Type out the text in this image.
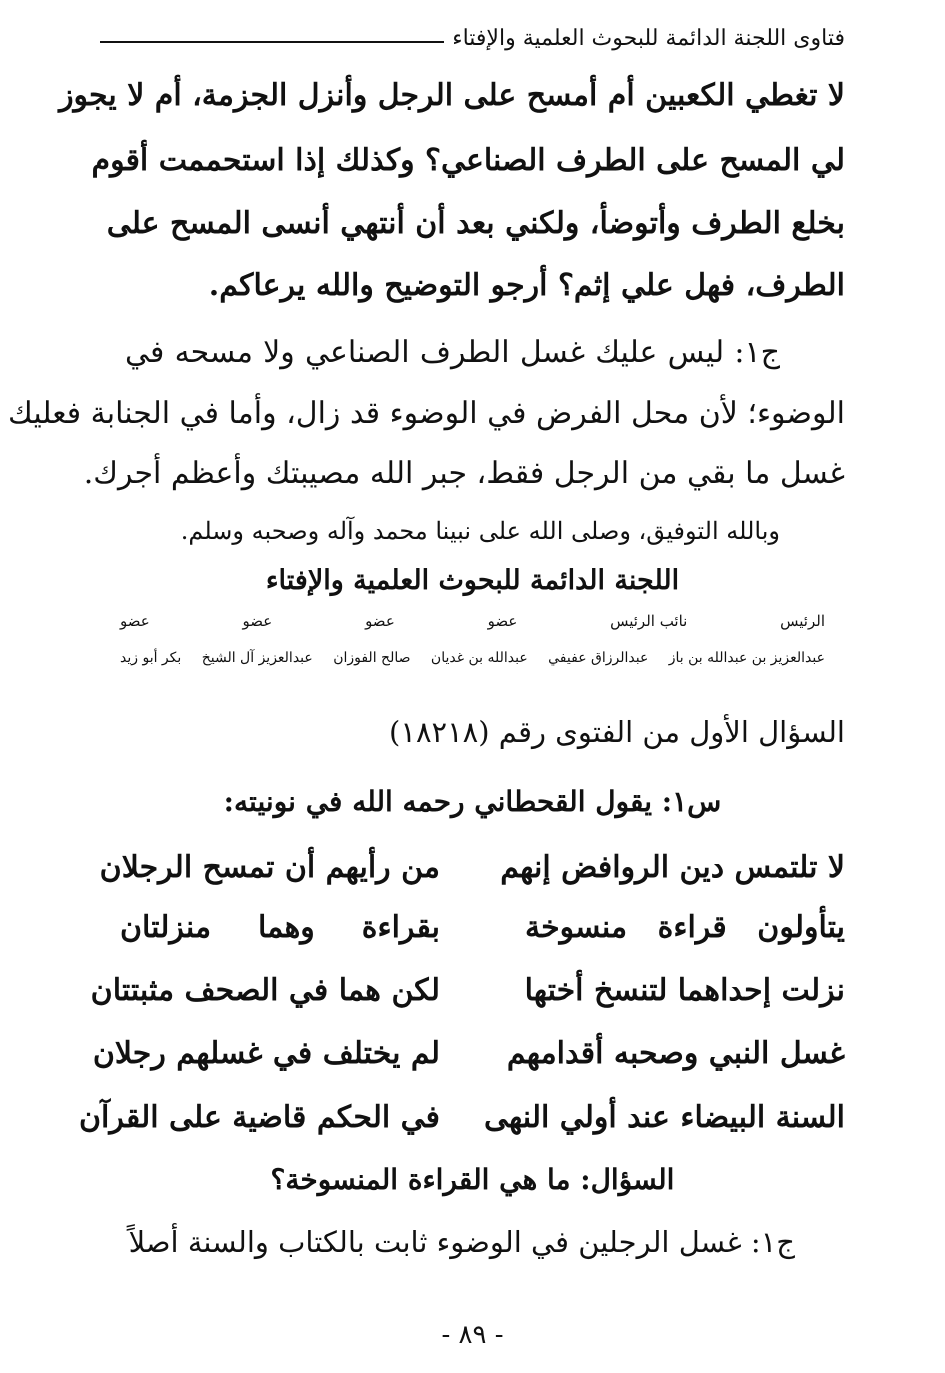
فتاوى اللجنة الدائمة للبحوث العلمية والإفتاء
لا تغطي الكعبين أم أمسح على الرجل وأنزل الجزمة، أم لا يجوز
لي المسح على الطرف الصناعي؟ وكذلك إذا استحممت أقوم
بخلع الطرف وأتوضأ، ولكني بعد أن أنتهي أنسى المسح على
الطرف، فهل علي إثم؟ أرجو التوضيح والله يرعاكم.
ج١: ليس عليك غسل الطرف الصناعي ولا مسحه في
الوضوء؛ لأن محل الفرض في الوضوء قد زال، وأما في الجنابة فعليك
غسل ما بقي من الرجل فقط، جبر الله مصيبتك وأعظم أجرك.
وبالله التوفيق، وصلى الله على نبينا محمد وآله وصحبه وسلم.
اللجنة الدائمة للبحوث العلمية والإفتاء
الرئيس
نائب الرئيس
عضو
عضو
عضو
عضو
عبدالعزيز بن عبدالله بن باز
عبدالرزاق عفيفي
عبدالله بن غديان
صالح الفوزان
عبدالعزيز آل الشيخ
بكر أبو زيد
السؤال الأول من الفتوى رقم (١٨٢١٨)
س١: يقول القحطاني رحمه الله في نونيته:
لا تلتمس دين الروافض إنهم
من رأيهم أن تمسح الرجلان
يتأولون قراءة منسوخة
بقراءة وهما منزلتان
نزلت إحداهما لتنسخ أختها
لكن هما في الصحف مثبتتان
غسل النبي وصحبه أقدامهم
لم يختلف في غسلهم رجلان
السنة البيضاء عند أولي النهى
في الحكم قاضية على القرآن
السؤال: ما هي القراءة المنسوخة؟
ج١: غسل الرجلين في الوضوء ثابت بالكتاب والسنة أصلاً
- ٨٩ -
